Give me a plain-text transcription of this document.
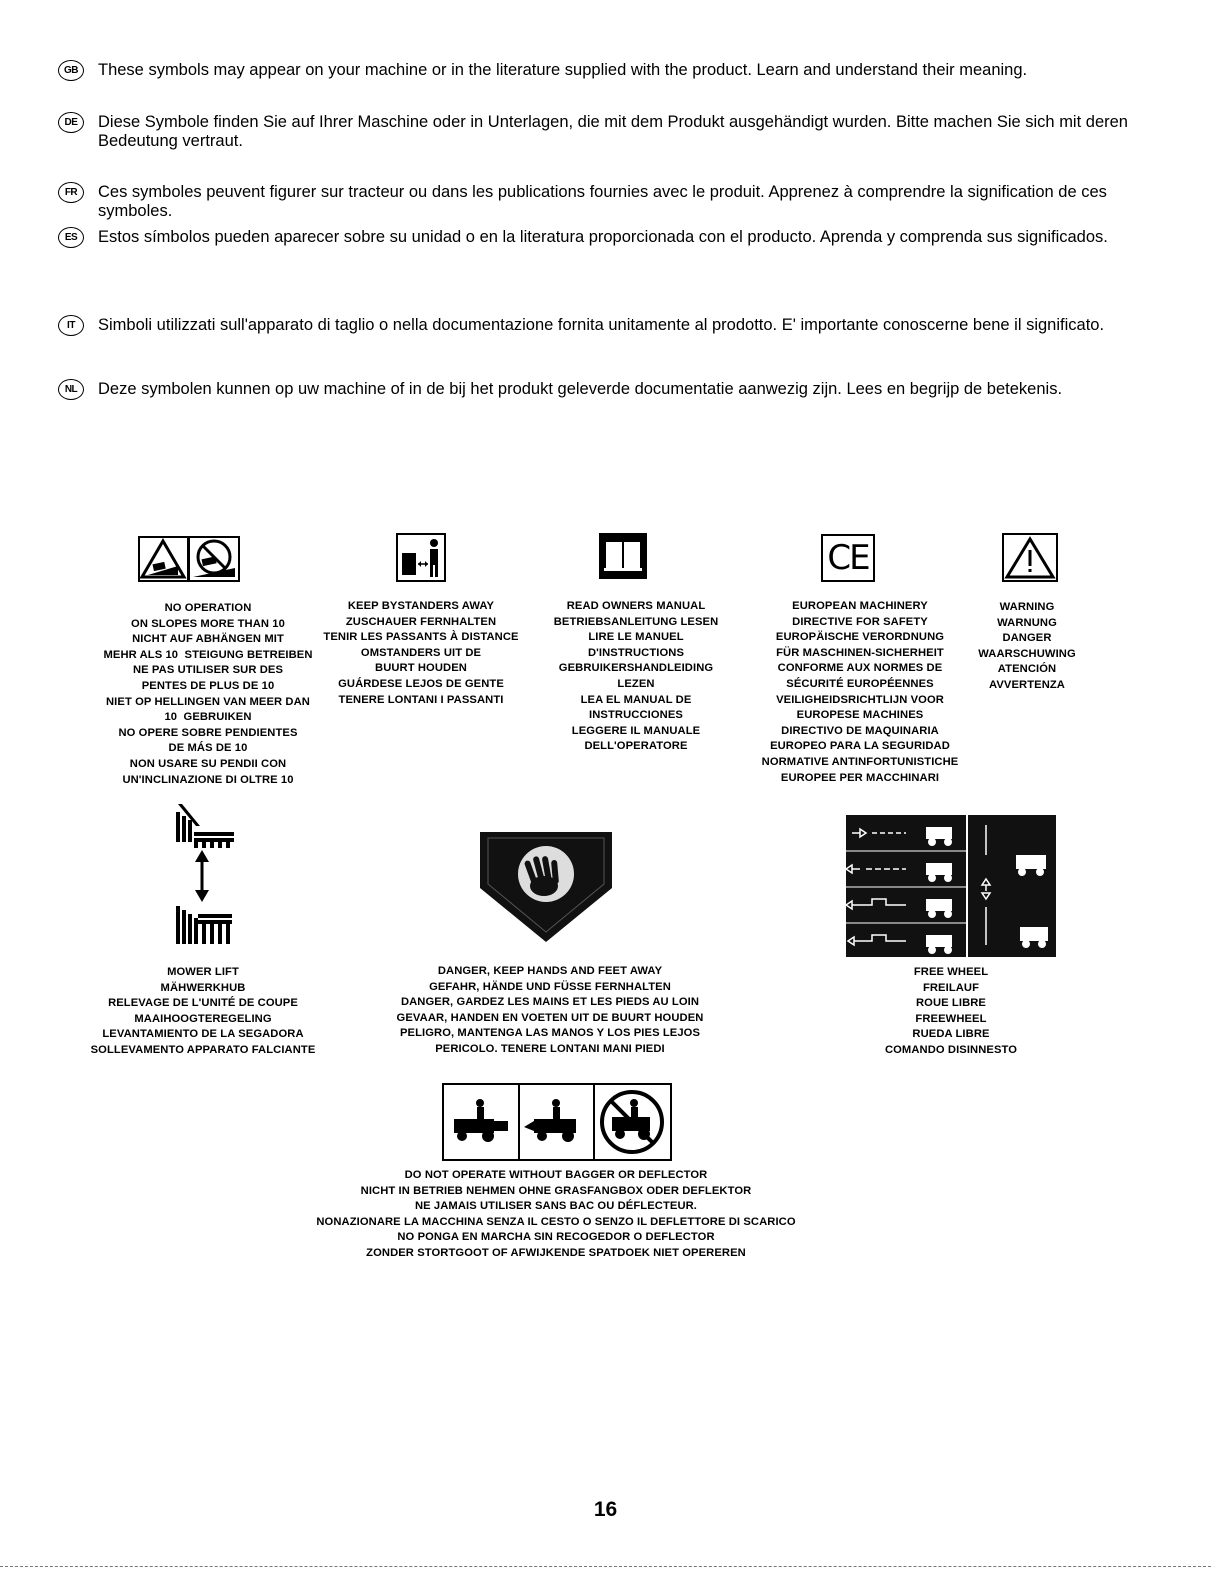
GB	These symbols may appear on your machine or in the literature supplied with the product. Learn and understand their meaning.
DE	Diese Symbole finden Sie auf Ihrer Maschine oder in Unterlagen, die mit dem Produkt ausgehändigt wurden. Bitte machen Sie sich mit deren Bedeutung vertraut.
FR	Ces symboles peuvent figurer sur tracteur ou dans les publications fournies avec le produit. Apprenez à comprendre la signification de ces symboles.
ES	Estos símbolos pueden aparecer sobre su unidad o en la literatura proporcionada con el producto. Aprenda y comprenda sus significados.
IT	Simboli utilizzati sull'apparato di taglio o nella documentazione fornita unitamente al prodotto. E' importante conoscerne bene il significato.
NL	Deze symbolen kunnen op uw machine of in de bij het produkt geleverde documentatie aanwezig zijn. Lees en begrijp de betekenis.
CE
NO OPERATION
ON SLOPES MORE THAN 10
NICHT AUF ABHÄNGEN MIT
MEHR ALS 10  STEIGUNG BETREIBEN
NE PAS UTILISER SUR DES
PENTES DE PLUS DE 10
NIET OP HELLINGEN VAN MEER DAN
10  GEBRUIKEN
NO OPERE SOBRE PENDIENTES
DE MÁS DE 10
NON USARE SU PENDII CON
UN'INCLINAZIONE DI OLTRE 10
KEEP BYSTANDERS AWAY
ZUSCHAUER FERNHALTEN
TENIR LES PASSANTS À DISTANCE
OMSTANDERS UIT DE
BUURT HOUDEN
GUÁRDESE LEJOS DE GENTE
TENERE LONTANI I PASSANTI
READ OWNERS MANUAL
BETRIEBSANLEITUNG LESEN
LIRE LE MANUEL
D'INSTRUCTIONS
GEBRUIKERSHANDLEIDING
LEZEN
LEA EL MANUAL DE
INSTRUCCIONES
LEGGERE IL MANUALE
DELL'OPERATORE
EUROPEAN MACHINERY
DIRECTIVE FOR SAFETY
EUROPÄISCHE VERORDNUNG
FÜR MASCHINEN-SICHERHEIT
CONFORME AUX NORMES DE
SÉCURITÉ EUROPÉENNES
VEILIGHEIDSRICHTLIJN VOOR
EUROPESE MACHINES
DIRECTIVO DE MAQUINARIA
EUROPEO PARA LA SEGURIDAD
NORMATIVE ANTINFORTUNISTICHE
EUROPEE PER MACCHINARI
WARNING
WARNUNG
DANGER
WAARSCHUWING
ATENCIÓN
AVVERTENZA
MOWER LIFT
MÄHWERKHUB
RELEVAGE DE L'UNITÉ DE COUPE
MAAIHOOGTEREGELING
LEVANTAMIENTO DE LA SEGADORA
SOLLEVAMENTO APPARATO FALCIANTE
DANGER, KEEP HANDS AND FEET AWAY
GEFAHR, HÄNDE UND FÜSSE FERNHALTEN
DANGER, GARDEZ LES MAINS ET LES PIEDS AU LOIN
GEVAAR, HANDEN EN VOETEN UIT DE BUURT HOUDEN
PELIGRO, MANTENGA LAS MANOS Y LOS PIES LEJOS
PERICOLO. TENERE LONTANI MANI PIEDI
FREE WHEEL
FREILAUF
ROUE LIBRE
FREEWHEEL
RUEDA LIBRE
COMANDO DISINNESTO
DO NOT OPERATE WITHOUT BAGGER OR DEFLECTOR
NICHT IN BETRIEB NEHMEN OHNE GRASFANGBOX ODER DEFLEKTOR
NE JAMAIS UTILISER SANS BAC OU DÉFLECTEUR.
NONAZIONARE LA MACCHINA SENZA IL CESTO O SENZO IL DEFLETTORE DI SCARICO
NO PONGA EN MARCHA SIN RECOGEDOR O DEFLECTOR
ZONDER STORTGOOT OF AFWIJKENDE SPATDOEK NIET OPEREREN
16
